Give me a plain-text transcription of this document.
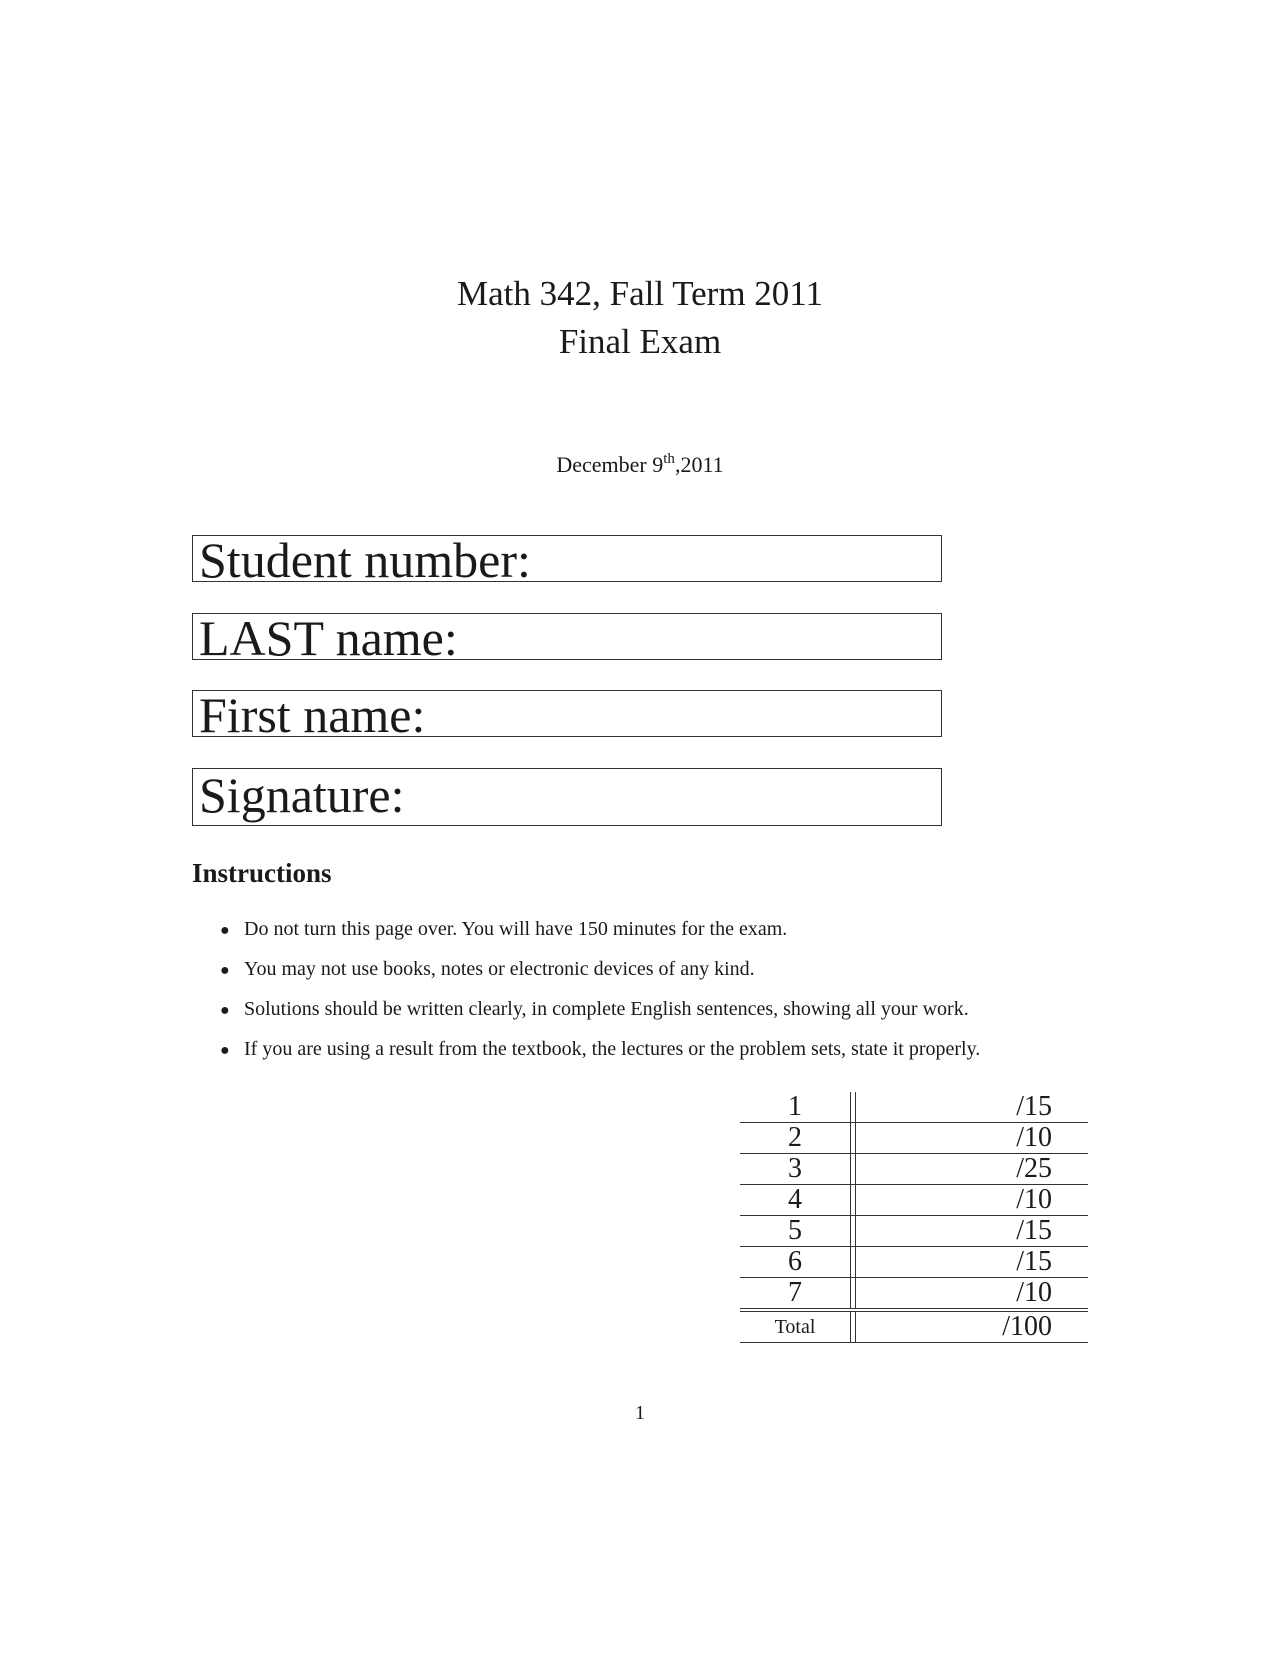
Math 342, Fall Term 2011
Final Exam
December 9th,2011
Student number:
LAST name:
First name:
Signature:
Instructions
● Do not turn this page over. You will have 150 minutes for the exam.
● You may not use books, notes or electronic devices of any kind.
● Solutions should be written clearly, in complete English sentences, showing all your work.
● If you are using a result from the textbook, the lectures or the problem sets, state it properly.
1		/15
2		/10
3		/25
4		/10
5		/15
6		/15
7		/10
Total		/100
1
